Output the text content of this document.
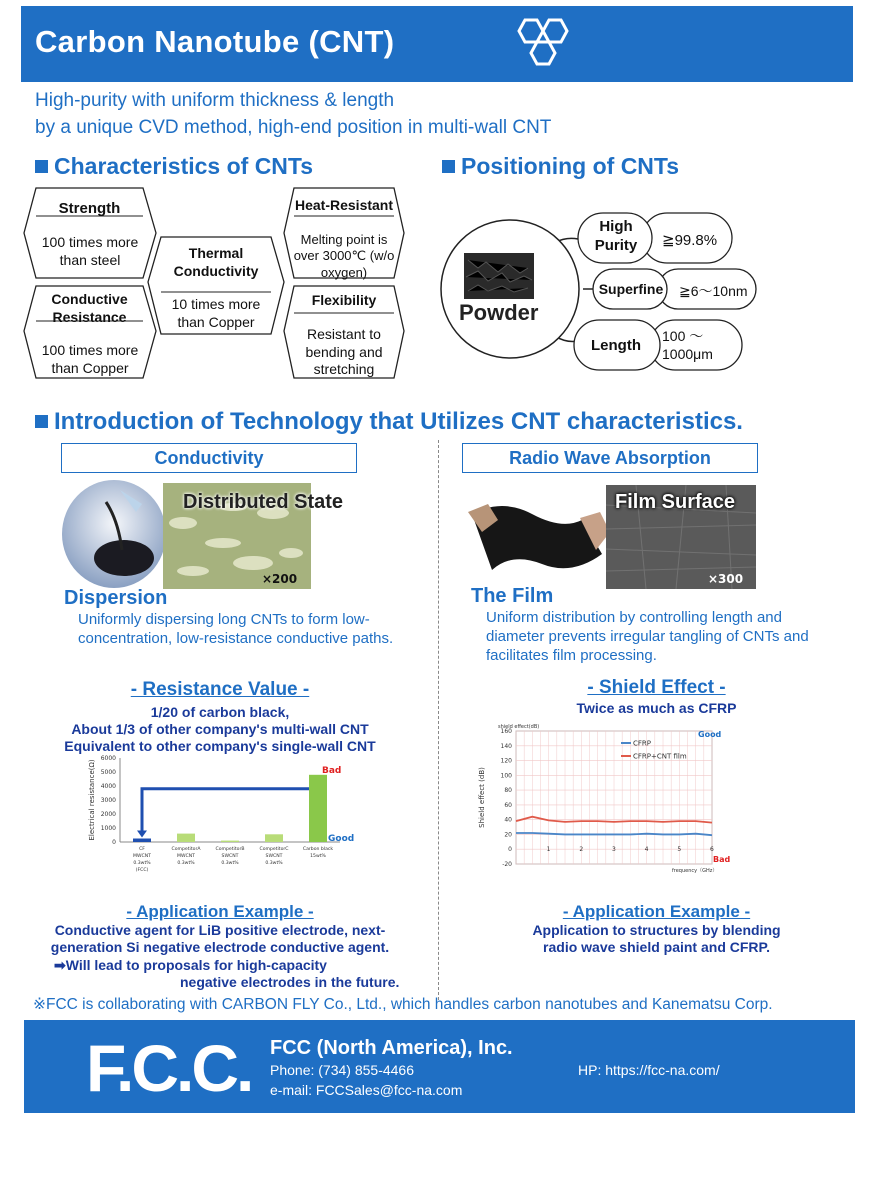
Carbon Nanotube (CNT)
High-purity with uniform thickness & length
by a unique CVD method, high-end position in multi-wall CNT
Characteristics of CNTs
Strength
100 times more than steel
Conductive Resistance
100 times more than Copper
Thermal Conductivity
10 times more than Copper
Heat-Resistant
Melting point is over 3000℃ (w/o oxygen)
Flexibility
Resistant to bending and stretching
Positioning of CNTs
Powder
High Purity	≧99.8%
Superfine	≧6～10nm
Length
100 ～1000μm
Introduction of Technology that Utilizes CNT characteristics.
Conductivity
Distributed State
×200
Dispersion
Uniformly dispersing long CNTs to form low-concentration, low-resistance conductive paths.
- Resistance Value -
1/20 of carbon black,
About 1/3 of other company's multi-wall CNT
Equivalent to other company's single-wall CNT
6000
5000
4000
3000
2000
1000
0
Electrical resistance(Ω)
CF
MWCNT
0.3wt%
(FCC)
CompetitorA
MWCNT
0.3wt%
CompetitorB
SWCNT
0.3wt%
CompetitorC
SWCNT
0.3wt%
Carbon black
15wt%
Bad
Good
- Application Example -
Conductive agent for LiB positive electrode, next-
generation Si negative electrode conductive agent.
➡Will lead to proposals for high-capacity
negative electrodes in the future.
Radio Wave Absorption
Film Surface
×300
The Film
Uniform distribution by controlling length and diameter prevents irregular tangling of CNTs and facilitates film processing.
- Shield Effect -
Twice as much as CFRP
160
140
120
100
80
60
40
20
0
-20
1	2	3	4	5	6
shield effect(dB)
Shield effect (dB)
frequency（GHz）
CFRP
CFRP+CNT film
Good
Bad
- Application Example -
Application to structures by blending
radio wave shield paint and CFRP.
※FCC is collaborating with CARBON FLY Co., Ltd., which handles carbon nanotubes and Kanematsu Corp.
F.C.C. FCC (North America), Inc.
Phone: (734) 855-4466
e-mail: FCCSales@fcc-na.com
HP: https://fcc-na.com/
